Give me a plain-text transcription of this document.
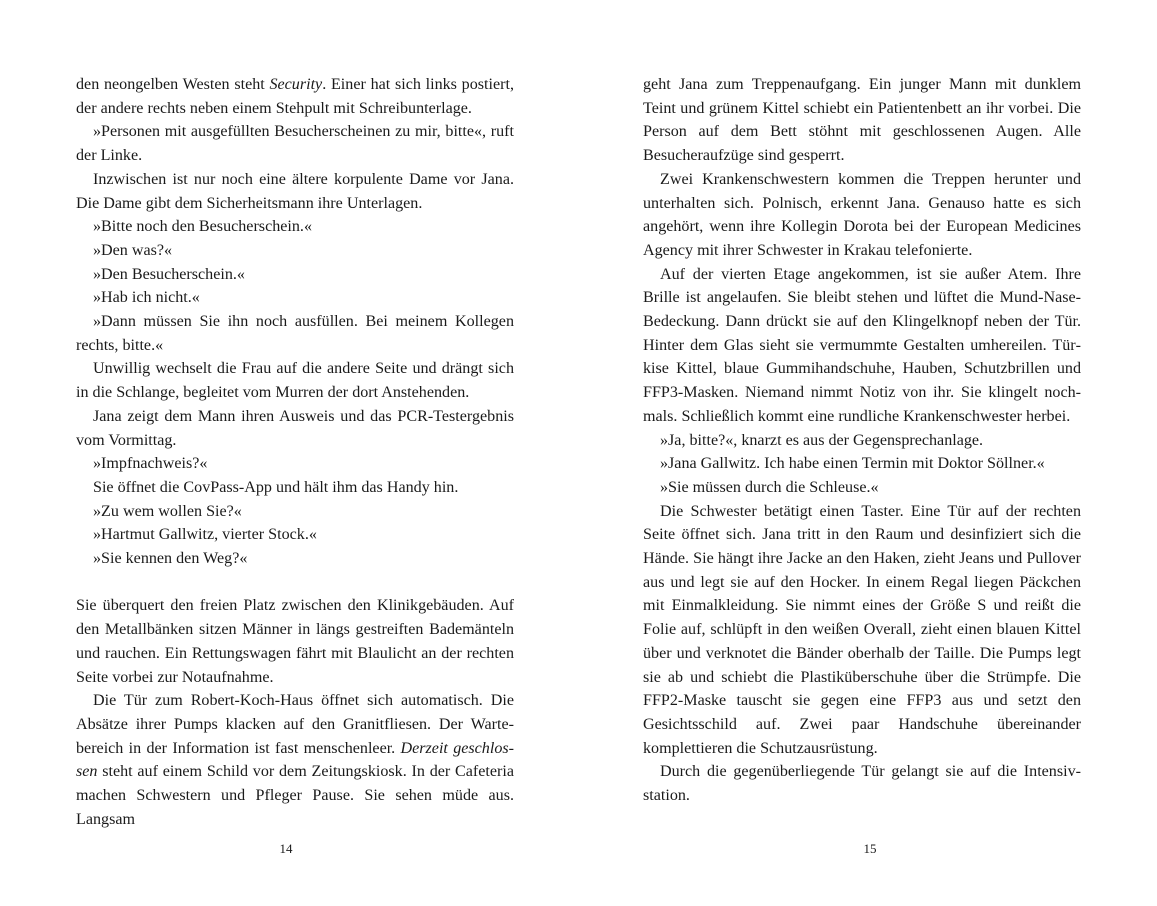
den neongelben Westen steht Security. Einer hat sich links postiert, der andere rechts neben einem Stehpult mit Schreibunterlage.

»Personen mit ausgefüllten Besucherscheinen zu mir, bitte«, ruft der Linke.

Inzwischen ist nur noch eine ältere korpulente Dame vor Jana. Die Dame gibt dem Sicherheitsmann ihre Unterlagen.

»Bitte noch den Besucherschein.«

»Den was?«

»Den Besucherschein.«

»Hab ich nicht.«

»Dann müssen Sie ihn noch ausfüllen. Bei meinem Kollegen rechts, bitte.«

Unwillig wechselt die Frau auf die andere Seite und drängt sich in die Schlange, begleitet vom Murren der dort Anstehenden.

Jana zeigt dem Mann ihren Ausweis und das PCR-Testergebnis vom Vormittag.

»Impfnachweis?«

Sie öffnet die CovPass-App und hält ihm das Handy hin.

»Zu wem wollen Sie?«

»Hartmut Gallwitz, vierter Stock.«

»Sie kennen den Weg?«

Sie überquert den freien Platz zwischen den Klinikgebäuden. Auf den Metallbänken sitzen Männer in längs gestreiften Bademänteln und rauchen. Ein Rettungswagen fährt mit Blaulicht an der rechten Seite vorbei zur Notaufnahme.

Die Tür zum Robert-Koch-Haus öffnet sich automatisch. Die Absätze ihrer Pumps klacken auf den Granitfliesen. Der Wartebereich in der Information ist fast menschenleer. Derzeit geschlossen steht auf einem Schild vor dem Zeitungskiosk. In der Cafeteria machen Schwestern und Pfleger Pause. Sie sehen müde aus. Langsam

14

geht Jana zum Treppenaufgang. Ein junger Mann mit dunklem Teint und grünem Kittel schiebt ein Patientenbett an ihr vorbei. Die Person auf dem Bett stöhnt mit geschlossenen Augen. Alle Besucheraufzüge sind gesperrt.

Zwei Krankenschwestern kommen die Treppen herunter und unterhalten sich. Polnisch, erkennt Jana. Genauso hatte es sich angehört, wenn ihre Kollegin Dorota bei der European Medicines Agency mit ihrer Schwester in Krakau telefonierte.

Auf der vierten Etage angekommen, ist sie außer Atem. Ihre Brille ist angelaufen. Sie bleibt stehen und lüftet die Mund-Nase-Bedeckung. Dann drückt sie auf den Klingelknopf neben der Tür. Hinter dem Glas sieht sie vermummte Gestalten umhereilen. Türkise Kittel, blaue Gummihandschuhe, Hauben, Schutzbrillen und FFP3-Masken. Niemand nimmt Notiz von ihr. Sie klingelt nochmals. Schließlich kommt eine rundliche Krankenschwester herbei.

»Ja, bitte?«, knarzt es aus der Gegensprechanlage.

»Jana Gallwitz. Ich habe einen Termin mit Doktor Söllner.«

»Sie müssen durch die Schleuse.«

Die Schwester betätigt einen Taster. Eine Tür auf der rechten Seite öffnet sich. Jana tritt in den Raum und desinfiziert sich die Hände. Sie hängt ihre Jacke an den Haken, zieht Jeans und Pullover aus und legt sie auf den Hocker. In einem Regal liegen Päckchen mit Einmalkleidung. Sie nimmt eines der Größe S und reißt die Folie auf, schlüpft in den weißen Overall, zieht einen blauen Kittel über und verknotet die Bänder oberhalb der Taille. Die Pumps legt sie ab und schiebt die Plastiküberschuhe über die Strümpfe. Die FFP2-Maske tauscht sie gegen eine FFP3 aus und setzt den Gesichtsschild auf. Zwei paar Handschuhe übereinander komplettieren die Schutzausrüstung.

Durch die gegenüberliegende Tür gelangt sie auf die Intensivstation.

15
